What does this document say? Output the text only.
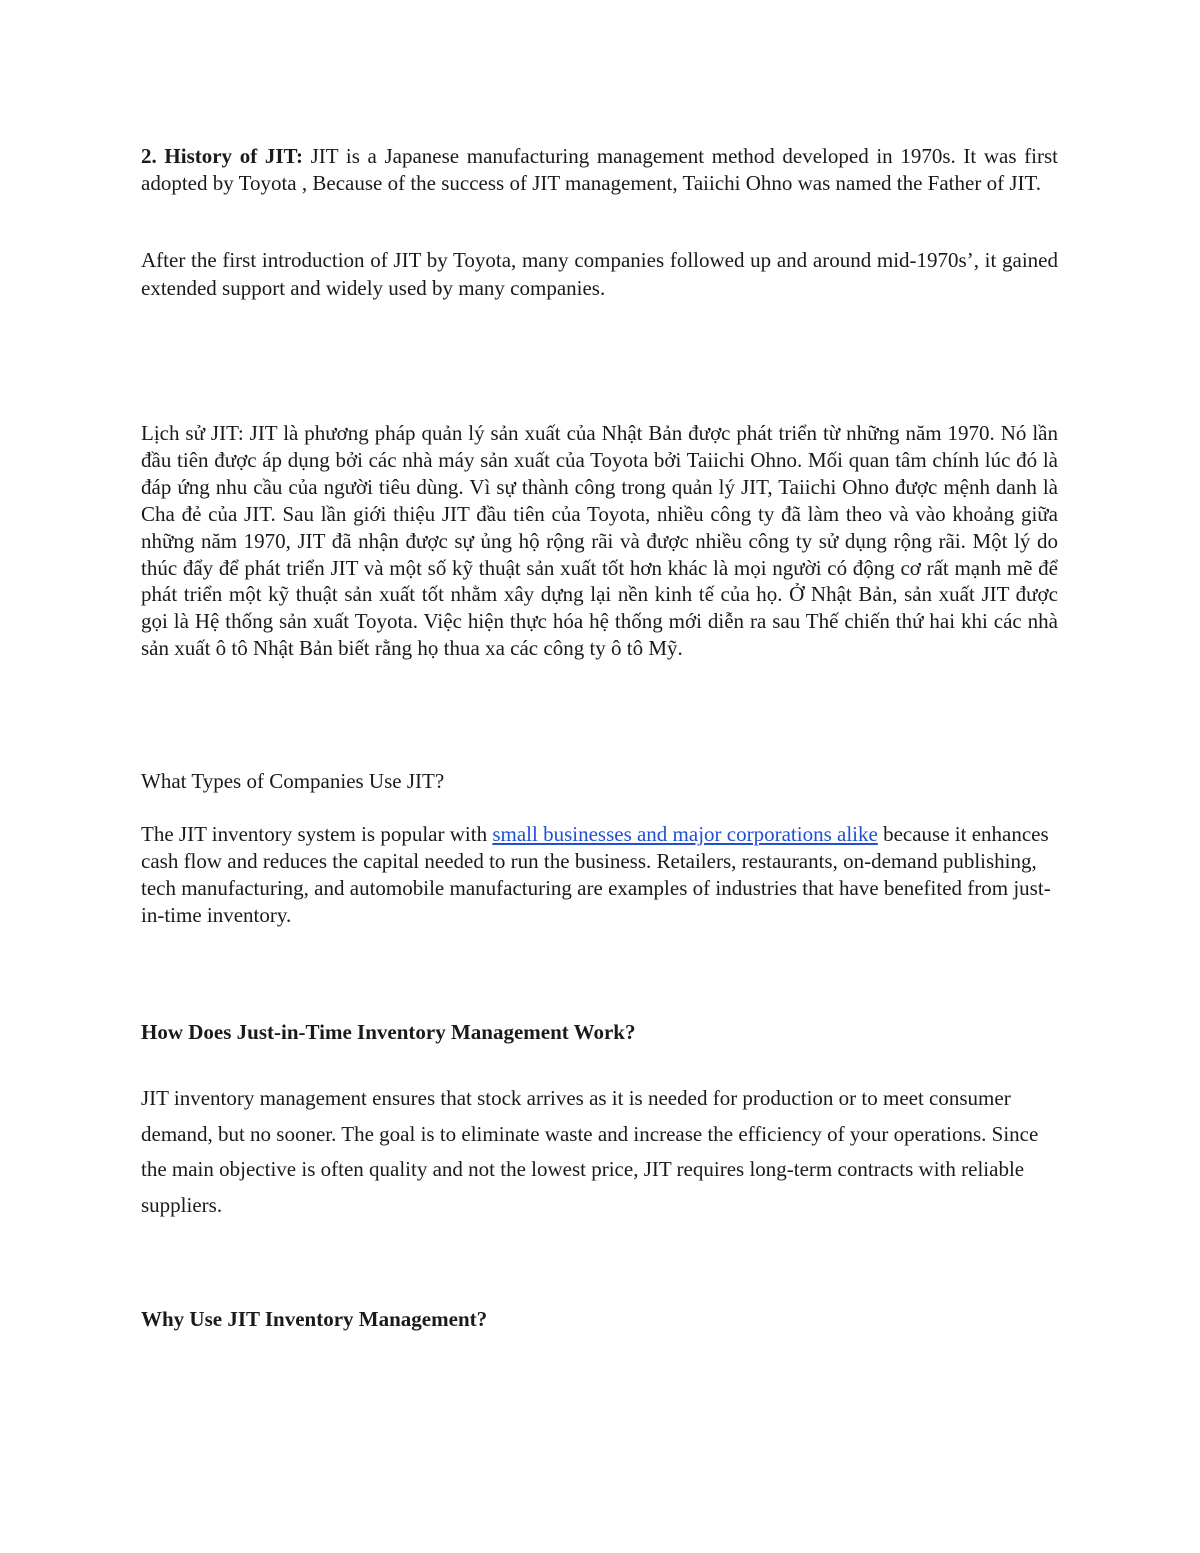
2. History of JIT: JIT is a Japanese manufacturing management method developed in 1970s. It was first adopted by Toyota , Because of the success of JIT management, Taiichi Ohno was named the Father of JIT.

After the first introduction of JIT by Toyota, many companies followed up and around mid-1970s’, it gained extended support and widely used by many companies.

Lịch sử JIT: JIT là phương pháp quản lý sản xuất của Nhật Bản được phát triển từ những năm 1970. Nó lần đầu tiên được áp dụng bởi các nhà máy sản xuất của Toyota bởi Taiichi Ohno. Mối quan tâm chính lúc đó là đáp ứng nhu cầu của người tiêu dùng. Vì sự thành công trong quản lý JIT, Taiichi Ohno được mệnh danh là Cha đẻ của JIT. Sau lần giới thiệu JIT đầu tiên của Toyota, nhiều công ty đã làm theo và vào khoảng giữa những năm 1970, JIT đã nhận được sự ủng hộ rộng rãi và được nhiều công ty sử dụng rộng rãi. Một lý do thúc đẩy để phát triển JIT và một số kỹ thuật sản xuất tốt hơn khác là mọi người có động cơ rất mạnh mẽ để phát triển một kỹ thuật sản xuất tốt nhằm xây dựng lại nền kinh tế của họ. Ở Nhật Bản, sản xuất JIT được gọi là Hệ thống sản xuất Toyota. Việc hiện thực hóa hệ thống mới diễn ra sau Thế chiến thứ hai khi các nhà sản xuất ô tô Nhật Bản biết rằng họ thua xa các công ty ô tô Mỹ.

What Types of Companies Use JIT?

The JIT inventory system is popular with small businesses and major corporations alike because it enhances cash flow and reduces the capital needed to run the business. Retailers, restaurants, on-demand publishing, tech manufacturing, and automobile manufacturing are examples of industries that have benefited from just-in-time inventory.

How Does Just-in-Time Inventory Management Work?

JIT inventory management ensures that stock arrives as it is needed for production or to meet consumer demand, but no sooner. The goal is to eliminate waste and increase the efficiency of your operations. Since the main objective is often quality and not the lowest price, JIT requires long-term contracts with reliable suppliers.

Why Use JIT Inventory Management?
